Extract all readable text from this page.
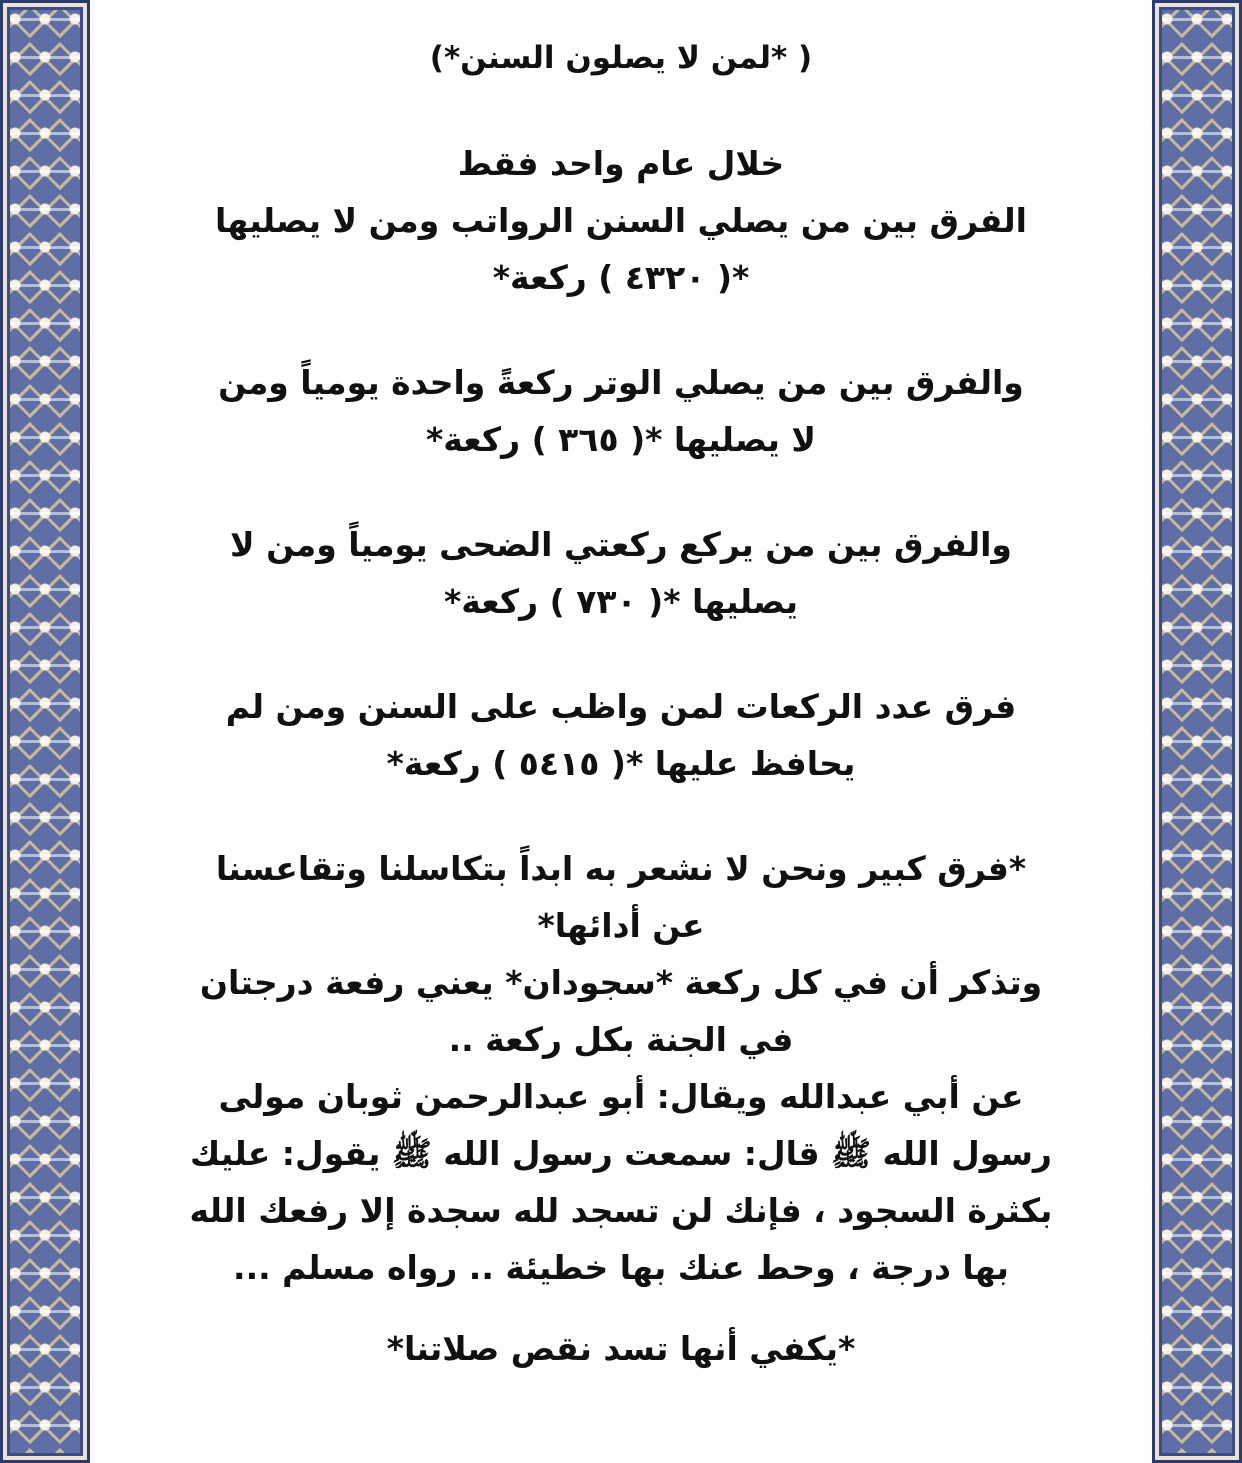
( *لمن لا يصلون السنن*)
خلال عام واحد فقط
الفرق بين من يصلي السنن الرواتب ومن لا يصليها
*( ٤٣٢٠ ) ركعة*
والفرق بين من يصلي الوتر ركعةً واحدة يومياً ومن
لا يصليها *( ٣٦٥ ) ركعة*
والفرق بين من يركع ركعتي الضحى يومياً ومن لا
يصليها *( ٧٣٠ ) ركعة*
فرق عدد الركعات لمن واظب على السنن ومن لم
يحافظ عليها *( ٥٤١٥ ) ركعة*
*فرق كبير ونحن لا نشعر به ابداً بتكاسلنا وتقاعسنا
عن أدائها*
وتذكر أن في كل ركعة *سجودان* يعني رفعة درجتان
في الجنة بكل ركعة ..
عن أبي عبدالله ويقال: أبو عبدالرحمن ثوبان مولى
رسول الله ﷺ قال: سمعت رسول الله ﷺ يقول: عليك
بكثرة السجود ، فإنك لن تسجد لله سجدة إلا رفعك الله
بها درجة ، وحط عنك بها خطيئة .. رواه مسلم ...
*يكفي أنها تسد نقص صلاتنا*
